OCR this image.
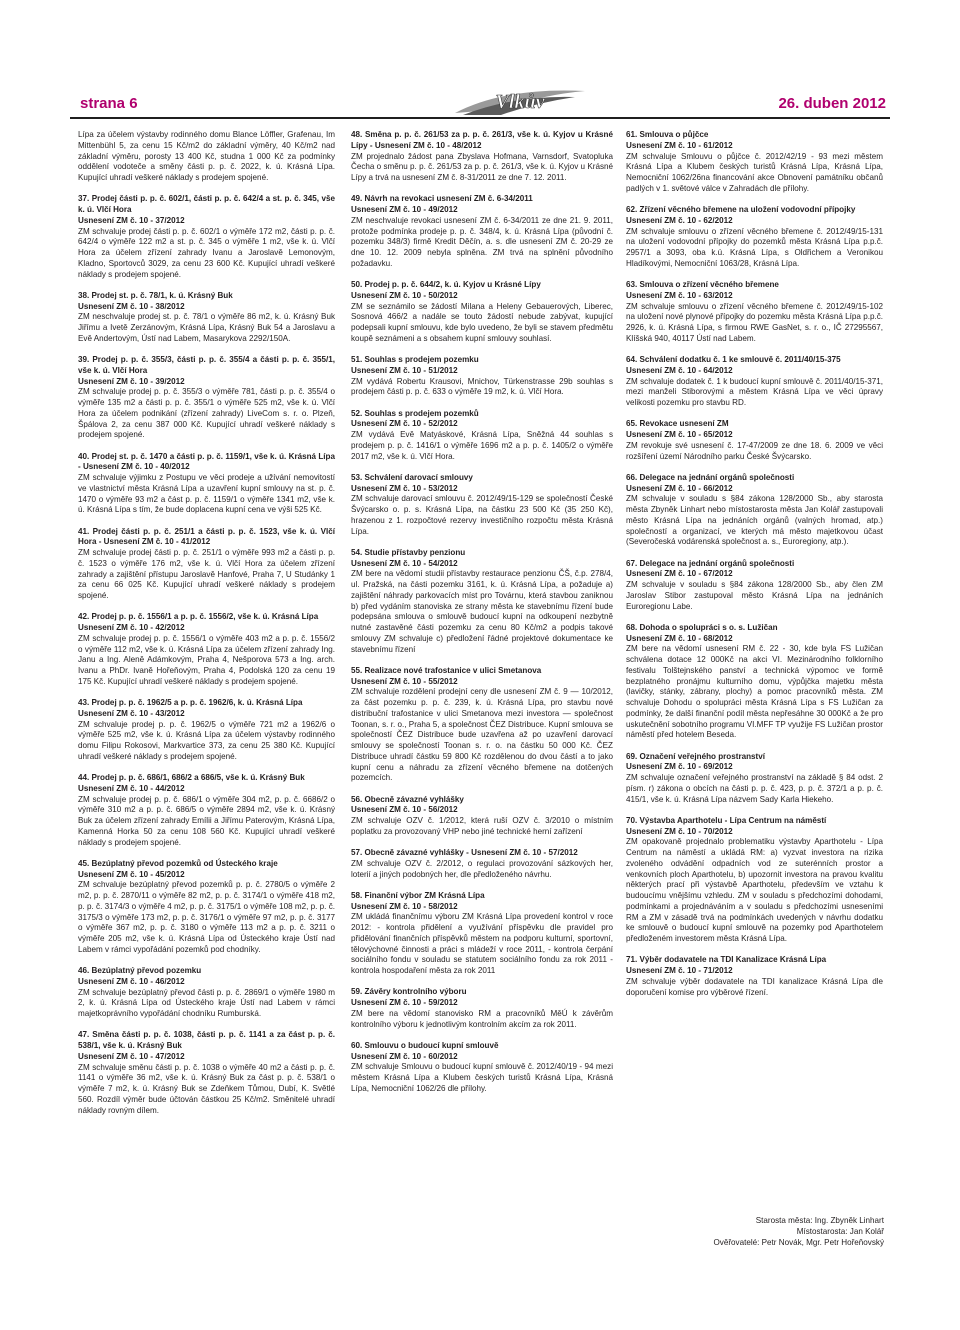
strana 6	Vlkův	26. duben 2012

Lípa za účelem výstavby rodinného domu Blance Löffler, Grafenau, Im Mittenbühl 5, za cenu 15 Kč/m2 do základní výměry, 40 Kč/m2 nad základní výměru, porosty 13 400 Kč, studna 1 000 Kč za podmínky oddělení vodoteče a směny části p. p. č. 2022, k. ú. Krásná Lípa. Kupující uhradí veškeré náklady s prodejem spojené.

37. Prodej části p. p. č. 602/1, části p. p. č. 642/4 a st. p. č. 345, vše k. ú. Vlčí Hora
Usnesení ZM č. 10 - 37/2012

ZM schvaluje prodej části p. p. č. 602/1 o výměře 172 m2, části p. p. č. 642/4 o výměře 122 m2 a st. p. č. 345 o výměře 1 m2, vše k. ú. Vlčí Hora za účelem zřízení zahrady Ivanu a Jaroslavě Lemonovým, Kladno, Sportovců 3029, za cenu 23 600 Kč. Kupující uhradí veškeré náklady s prodejem spojené.

38. Prodej st. p. č. 78/1, k. ú. Krásný Buk
Usnesení ZM č. 10 - 38/2012

ZM neschvaluje prodej st. p. č. 78/1 o výměře 86 m2, k. ú. Krásný Buk Jiřímu a Ivetě Zerzánovým, Krásná Lípa, Krásný Buk 54 a Jaroslavu a Evě Andertovým, Ústí nad Labem, Masarykova 2292/150A.

39. Prodej p. p. č. 355/3, části p. p. č. 355/4 a části p. p. č. 355/1, vše k. ú. Vlčí Hora
Usnesení ZM č. 10 - 39/2012

ZM schvaluje prodej p. p. č. 355/3 o výměře 781, části p. p. č. 355/4 o výměře 135 m2 a části p. p. č. 355/1 o výměře 525 m2, vše k. ú. Vlčí Hora za účelem podnikání (zřízení zahrady) LiveCom s. r. o. Plzeň, Špálova 2, za cenu 387 000 Kč. Kupující uhradí veškeré náklady s prodejem spojené.

40. Prodej st. p. č. 1470 a části p. p. č. 1159/1, vše k. ú. Krásná Lípa - Usnesení ZM č. 10 - 40/2012

ZM schvaluje výjimku z Postupu ve věci prodeje a užívání nemovitostí ve vlastnictví města Krásná Lípa a uzavření kupní smlouvy na st. p. č. 1470 o výměře 93 m2 a část p. p. č. 1159/1 o výměře 1341 m2, vše k. ú. Krásná Lípa s tím, že bude doplacena kupní cena ve výši 525 Kč.

41. Prodej části p. p. č. 251/1 a části p. p. č. 1523, vše k. ú. Vlčí Hora - Usnesení ZM č. 10 - 41/2012

ZM schvaluje prodej části p. p. č. 251/1 o výměře 993 m2 a části p. p. č. 1523 o výměře 176 m2, vše k. ú. Vlčí Hora za účelem zřízení zahrady a zajištění přístupu Jaroslavě Hanfové, Praha 7, U Studánky 1 za cenu 66 025 Kč. Kupující uhradí veškeré náklady s prodejem spojené.

42. Prodej p. p. č. 1556/1 a p. p. č. 1556/2, vše k. ú. Krásná Lípa
Usnesení ZM č. 10 - 42/2012

ZM schvaluje prodej p. p. č. 1556/1 o výměře 403 m2 a p. p. č. 1556/2 o výměře 112 m2, vše k. ú. Krásná Lípa za účelem zřízení zahrady Ing. Janu a Ing. Aleně Adámkovým, Praha 4, Nešporova 573 a Ing. arch. Ivanu a PhDr. Ivaně Hořeňovým, Praha 4, Podolská 120 za cenu 19 175 Kč. Kupující uhradí veškeré náklady s prodejem spojené.

43. Prodej p. p. č. 1962/5 a p. p. č. 1962/6, k. ú. Krásná Lípa
Usnesení ZM č. 10 - 43/2012

ZM schvaluje prodej p. p. č. 1962/5 o výměře 721 m2 a 1962/6 o výměře 525 m2, vše k. ú. Krásná Lípa za účelem výstavby rodinného domu Filipu Rokosovi, Markvartice 373, za cenu 25 380 Kč. Kupující uhradí veškeré náklady s prodejem spojené.

44. Prodej p. p. č. 686/1, 686/2 a 686/5, vše k. ú. Krásný Buk
Usnesení ZM č. 10 - 44/2012

ZM schvaluje prodej p. p. č. 686/1 o výměře 304 m2, p. p. č. 6686/2 o výměře 310 m2 a p. p. č. 686/5 o výměře 2894 m2, vše k. ú. Krásný Buk za účelem zřízení zahrady Emílii a Jiřímu Paterovým, Krásná Lípa, Kamenná Horka 50 za cenu 108 560 Kč. Kupující uhradí veškeré náklady s prodejem spojené.

45. Bezúplatný převod pozemků od Ústeckého kraje
Usnesení ZM č. 10 - 45/2012

ZM schvaluje bezúplatný převod pozemků p. p. č. 2780/5 o výměře 2 m2, p. p. č. 2870/11 o výměře 82 m2, p. p. č. 3174/1 o výměře 418 m2, p. p. č. 3174/3 o výměře 4 m2, p. p. č. 3175/1 o výměře 108 m2, p. p. č. 3175/3 o výměře 173 m2, p. p. č. 3176/1 o výměře 97 m2, p. p. č. 3177 o výměře 367 m2, p. p. č. 3180 o výměře 113 m2 a p. p. č. 3211 o výměře 205 m2, vše k. ú. Krásná Lípa od Ústeckého kraje Ústí nad Labem v rámci vypořádání pozemků pod chodníky.

46. Bezúplatný převod pozemku
Usnesení ZM č. 10 - 46/2012

ZM schvaluje bezúplatný převod části p. p. č. 2869/1 o výměře 1980 m 2, k. ú. Krásná Lípa od Ústeckého kraje Ústí nad Labem v rámci majetkoprávního vypořádání chodníku Rumburská.

47. Směna části p. p. č. 1038, části p. p. č. 1141 a za část p. p. č. 538/1, vše k. ú. Krásný Buk
Usnesení ZM č. 10 - 47/2012

ZM schvaluje směnu části p. p. č. 1038 o výměře 40 m2 a části p. p. č. 1141 o výměře 36 m2, vše k. ú. Krásný Buk za část p. p. č. 538/1 o výměře 7 m2, k. ú. Krásný Buk se Zdeňkem Tůmou, Dubí, K. Světlé 560. Rozdíl výměr bude účtován částkou 25 Kč/m2. Směnitelé uhradí náklady rovným dílem.

48. Směna p. p. č. 261/53 za p. p. č. 261/3, vše k. ú. Kyjov u Krásné Lípy - Usnesení ZM č. 10 - 48/2012

ZM projednalo žádost pana Zbyslava Hofmana, Varnsdorf, Svatopluka Čecha o směnu p. p. č. 261/53 za p. p. č. 261/3, vše k. ú. Kyjov u Krásné Lípy a trvá na usnesení ZM č. 8-31/2011 ze dne 7. 12. 2011.

49. Návrh na revokaci usnesení ZM č. 6-34/2011
Usnesení ZM č. 10 - 49/2012

ZM neschvaluje revokaci usnesení ZM č. 6-34/2011 ze dne 21. 9. 2011, protože podmínka prodeje p. p. č. 348/4, k. ú. Krásná Lípa (původní č. pozemku 348/3) firmě Kredit Děčín, a. s. dle usnesení ZM č. 20-29 ze dne 10. 12. 2009 nebyla splněna. ZM trvá na splnění původního požadavku.

50. Prodej p. p. č. 644/2, k. ú. Kyjov u Krásné Lípy
Usnesení ZM č. 10 - 50/2012

ZM se seznámilo se žádostí Milana a Heleny Gebauerových, Liberec, Sosnová 466/2 a nadále se touto žádostí nebude zabývat, kupující podepsali kupní smlouvu, kde bylo uvedeno, že byli se stavem předmětu koupě seznámeni a s obsahem kupní smlouvy souhlasí.

51. Souhlas s prodejem pozemku
Usnesení ZM č. 10 - 51/2012

ZM vydává Robertu Krausovi, Mnichov, Türkenstrasse 29b souhlas s prodejem části p. p. č. 633 o výměře 19 m2, k. ú. Vlčí Hora.

52. Souhlas s prodejem pozemků
Usnesení ZM č. 10 - 52/2012

ZM vydává Evě Matyáskové, Krásná Lípa, Sněžná 44 souhlas s prodejem p. p. č. 1416/1 o výměře 1696 m2 a p. p. č. 1405/2 o výměře 2017 m2, vše k. ú. Vlčí Hora.

53. Schválení darovací smlouvy
Usnesení ZM č. 10 - 53/2012

ZM schvaluje darovací smlouvu č. 2012/49/15-129 se společností České Švýcarsko o. p. s. Krásná Lípa, na částku 23 500 Kč (35 250 Kč), hrazenou z 1. rozpočtové rezervy investičního rozpočtu města Krásná Lípa.

54. Studie přístavby penzionu
Usnesení ZM č. 10 - 54/2012

ZM bere na vědomí studii přístavby restaurace penzionu ČŠ, č.p. 278/4, ul. Pražská, na části pozemku 3161, k. ú. Krásná Lípa, a požaduje a) zajištění náhrady parkovacích míst pro Továrnu, která stavbou zaniknou b) před vydáním stanoviska ze strany města ke stavebnímu řízení bude podepsána smlouva o smlouvě budoucí kupní na odkoupení nezbytně nutné zastavěné části pozemku za cenu 80 Kč/m2 a podpis takové smlouvy ZM schvaluje c) předložení řádné projektové dokumentace ke stavebnímu řízení

55. Realizace nové trafostanice v ulici Smetanova
Usnesení ZM č. 10 - 55/2012

ZM schvaluje rozdělení prodejní ceny dle usnesení ZM č. 9 — 10/2012, za část pozemku p. p. č. 239, k. ú. Krásná Lípa, pro stavbu nové distribuční trafostanice v ulici Smetanova mezi investora — společnost Toonan, s. r. o., Praha 5, a společnost ČEZ Distribuce. Kupní smlouva se společností ČEZ Distribuce bude uzavřena až po uzavření darovací smlouvy se společností Toonan s. r. o. na částku 50 000 Kč. ČEZ Distribuce uhradí částku 59 800 Kč rozdělenou do dvou částí a to jako kupní cenu a náhradu za zřízení věcného břemene na dotčených pozemcích.

56. Obecně závazné vyhlášky
Usnesení ZM č. 10 - 56/2012

ZM schvaluje OZV č. 1/2012, která ruší OZV č. 3/2010 o místním poplatku za provozovaný VHP nebo jiné technické herní zařízení

57. Obecně závazné vyhlášky - Usnesení ZM č. 10 - 57/2012

ZM schvaluje OZV č. 2/2012, o regulaci provozování sázkových her, loterií a jiných podobných her, dle předloženého návrhu.

58. Finanční výbor ZM Krásná Lípa
Usnesení ZM č. 10 - 58/2012

ZM ukládá finančnímu výboru ZM Krásná Lípa provedení kontrol v roce 2012: - kontrola přidělení a využívání příspěvku dle pravidel pro přidělování finančních příspěvků městem na podporu kulturní, sportovní, tělovýchovné činnosti a práci s mládeží v roce 2011, - kontrola čerpání sociálního fondu v souladu se statutem sociálního fondu za rok 2011 - kontrola hospodaření města za rok 2011

59. Závěry kontrolního výboru
Usnesení ZM č. 10 - 59/2012

ZM bere na vědomí stanovisko RM a pracovníků MěÚ k závěrům kontrolního výboru k jednotlivým kontrolním akcím za rok 2011.

60. Smlouvu o budoucí kupní smlouvě
Usnesení ZM č. 10 - 60/2012

ZM schvaluje Smlouvu o budoucí kupní smlouvě č. 2012/40/19 - 94 mezi městem Krásná Lípa a Klubem českých turistů Krásná Lípa, Krásná Lípa, Nemocniční 1062/26 dle přílohy.

61. Smlouva o půjčce
Usnesení ZM č. 10 - 61/2012

ZM schvaluje Smlouvu o půjčce č. 2012/42/19 - 93 mezi městem Krásná Lípa a Klubem českých turistů Krásná Lípa, Krásná Lípa, Nemocniční 1062/26na financování akce Obnovení památníku občanů padlých v 1. světové válce v Zahradách dle přílohy.

62. Zřízení věcného břemene na uložení vodovodní přípojky
Usnesení ZM č. 10 - 62/2012

ZM schvaluje smlouvu o zřízení věcného břemene č. 2012/49/15-131 na uložení vodovodní přípojky do pozemků města Krásná Lípa p.p.č. 2957/1 a 3093, oba k.ú. Krásná Lípa, s Oldřichem a Veronikou Hladíkovými, Nemocniční 1063/28, Krásná Lípa.

63. Smlouva o zřízení věcného břemene
Usnesení ZM č. 10 - 63/2012

ZM schvaluje smlouvu o zřízení věcného břemene č. 2012/49/15-102 na uložení nové plynové přípojky do pozemku města Krásná Lípa p.p.č. 2926, k. ú. Krásná Lípa, s firmou RWE GasNet, s. r. o., IČ 27295567, Klíšská 940, 40117 Ústí nad Labem.

64. Schválení dodatku č. 1 ke smlouvě č. 2011/40/15-375
Usnesení ZM č. 10 - 64/2012

ZM schvaluje dodatek č. 1 k budoucí kupní smlouvě č. 2011/40/15-371, mezi manželi Stiborovými a městem Krásná Lípa ve věci úpravy velikosti pozemku pro stavbu RD.

65. Revokace usnesení ZM
Usnesení ZM č. 10 - 65/2012

ZM revokuje své usnesení č. 17-47/2009 ze dne 18. 6. 2009 ve věci rozšíření území Národního parku České Švýcarsko.

66. Delegace na jednání orgánů společnosti
Usnesení ZM č. 10 - 66/2012

ZM schvaluje v souladu s §84 zákona 128/2000 Sb., aby starosta města Zbyněk Linhart nebo místostarosta města Jan Kolář zastupovali město Krásná Lípa na jednáních orgánů (valných hromad, atp.) společností a organizací, ve kterých má město majetkovou účast (Severočeská vodárenská společnost a. s., Euroregiony, atp.).

67. Delegace na jednání orgánů společnosti
Usnesení ZM č. 10 - 67/2012

ZM schvaluje v souladu s §84 zákona 128/2000 Sb., aby člen ZM Jaroslav Stibor zastupoval město Krásná Lípa na jednáních Euroregionu Labe.

68. Dohoda o spolupráci s o. s. Lužičan
Usnesení ZM č. 10 - 68/2012

ZM bere na vědomí usnesení RM č. 22 - 30, kde byla FS Lužičan schválena dotace 12 000Kč na akci VI. Mezinárodního folklorního festivalu Tolštejnského panství a technická výpomoc ve formě bezplatného pronájmu kulturního domu, výpůjčka majetku města (lavičky, stánky, zábrany, plochy) a pomoc pracovníků města. ZM schvaluje Dohodu o spolupráci města Krásná Lípa s FS Lužičan za podmínky, že další finanční podíl města nepřesáhne 30 000Kč a že pro uskutečnění sobotního programu VI.MFF TP využije FS Lužičan prostor náměstí před hotelem Beseda.

69. Označení veřejného prostranství
Usnesení ZM č. 10 - 69/2012

ZM schvaluje označení veřejného prostranství na základě § 84 odst. 2 písm. r) zákona o obcích na části p. p. č. 423, p. p. č. 372/1 a p. p. č. 415/1, vše k. ú. Krásná Lípa názvem Sady Karla Hiekeho.

70. Výstavba Aparthotelu - Lípa Centrum na náměstí
Usnesení ZM č. 10 - 70/2012

ZM opakovaně projednalo problematiku výstavby Aparthotelu - Lípa Centrum na náměstí a ukládá RM: a) vyzvat investora na rizika zvoleného odvádění odpadních vod ze suterénních prostor a venkovních ploch Aparthotelu, b) upozornit investora na pravou kvalitu některých prací při výstavbě Aparthotelu, především ve vztahu k budoucímu vnějšímu vzhledu. ZM v souladu s předchozími dohodami, podmínkami a projednáváním a v souladu s předchozími usneseními RM a ZM v zásadě trvá na podmínkách uvedených v návrhu dodatku ke smlouvě o budoucí kupní smlouvě na pozemky pod Aparthotelem předloženém investorem města Krásná Lípa.

71. Výběr dodavatele na TDI Kanalizace Krásná Lípa
Usnesení ZM č. 10 - 71/2012

ZM schvaluje výběr dodavatele na TDI kanalizace Krásná Lípa dle doporučení komise pro výběrové řízení.

Starosta města: Ing. Zbyněk Linhart
Místostarosta: Jan Kolář
Ověřovatelé: Petr Novák, Mgr. Petr Hořeňovský
